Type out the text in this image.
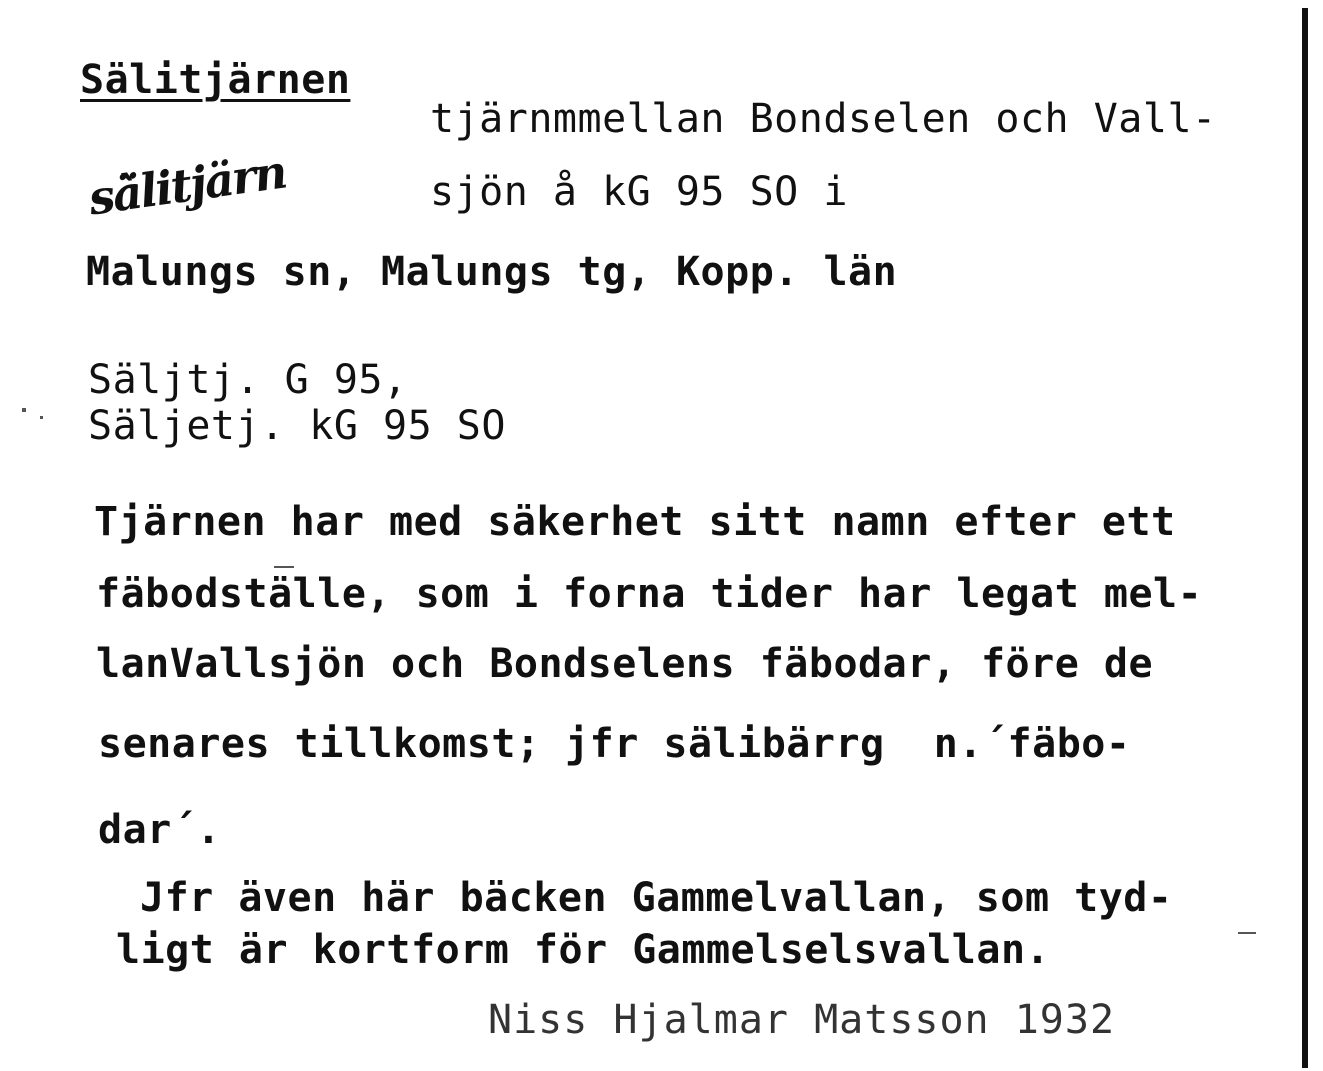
Sälitjärnen
sä̀litjärn
tjärnmmellan Bondselen och Vall-
sjön å kG 95 SO i
Malungs sn, Malungs tg, Kopp. län
Säljtj. G 95,
Säljetj. kG 95 SO
Tjärnen har med säkerhet sitt namn efter ett
fäbodställe, som i forna tider har legat mel-
lanVallsjön och Bondselens fäbodar, före de
senares tillkomst; jfr sälibärrg  n.´fäbo-
dar´.
Jfr även här bäcken Gammelvallan, som tyd-
ligt är kortform för Gammelselsvallan.
Niss Hjalmar Matsson 1932
